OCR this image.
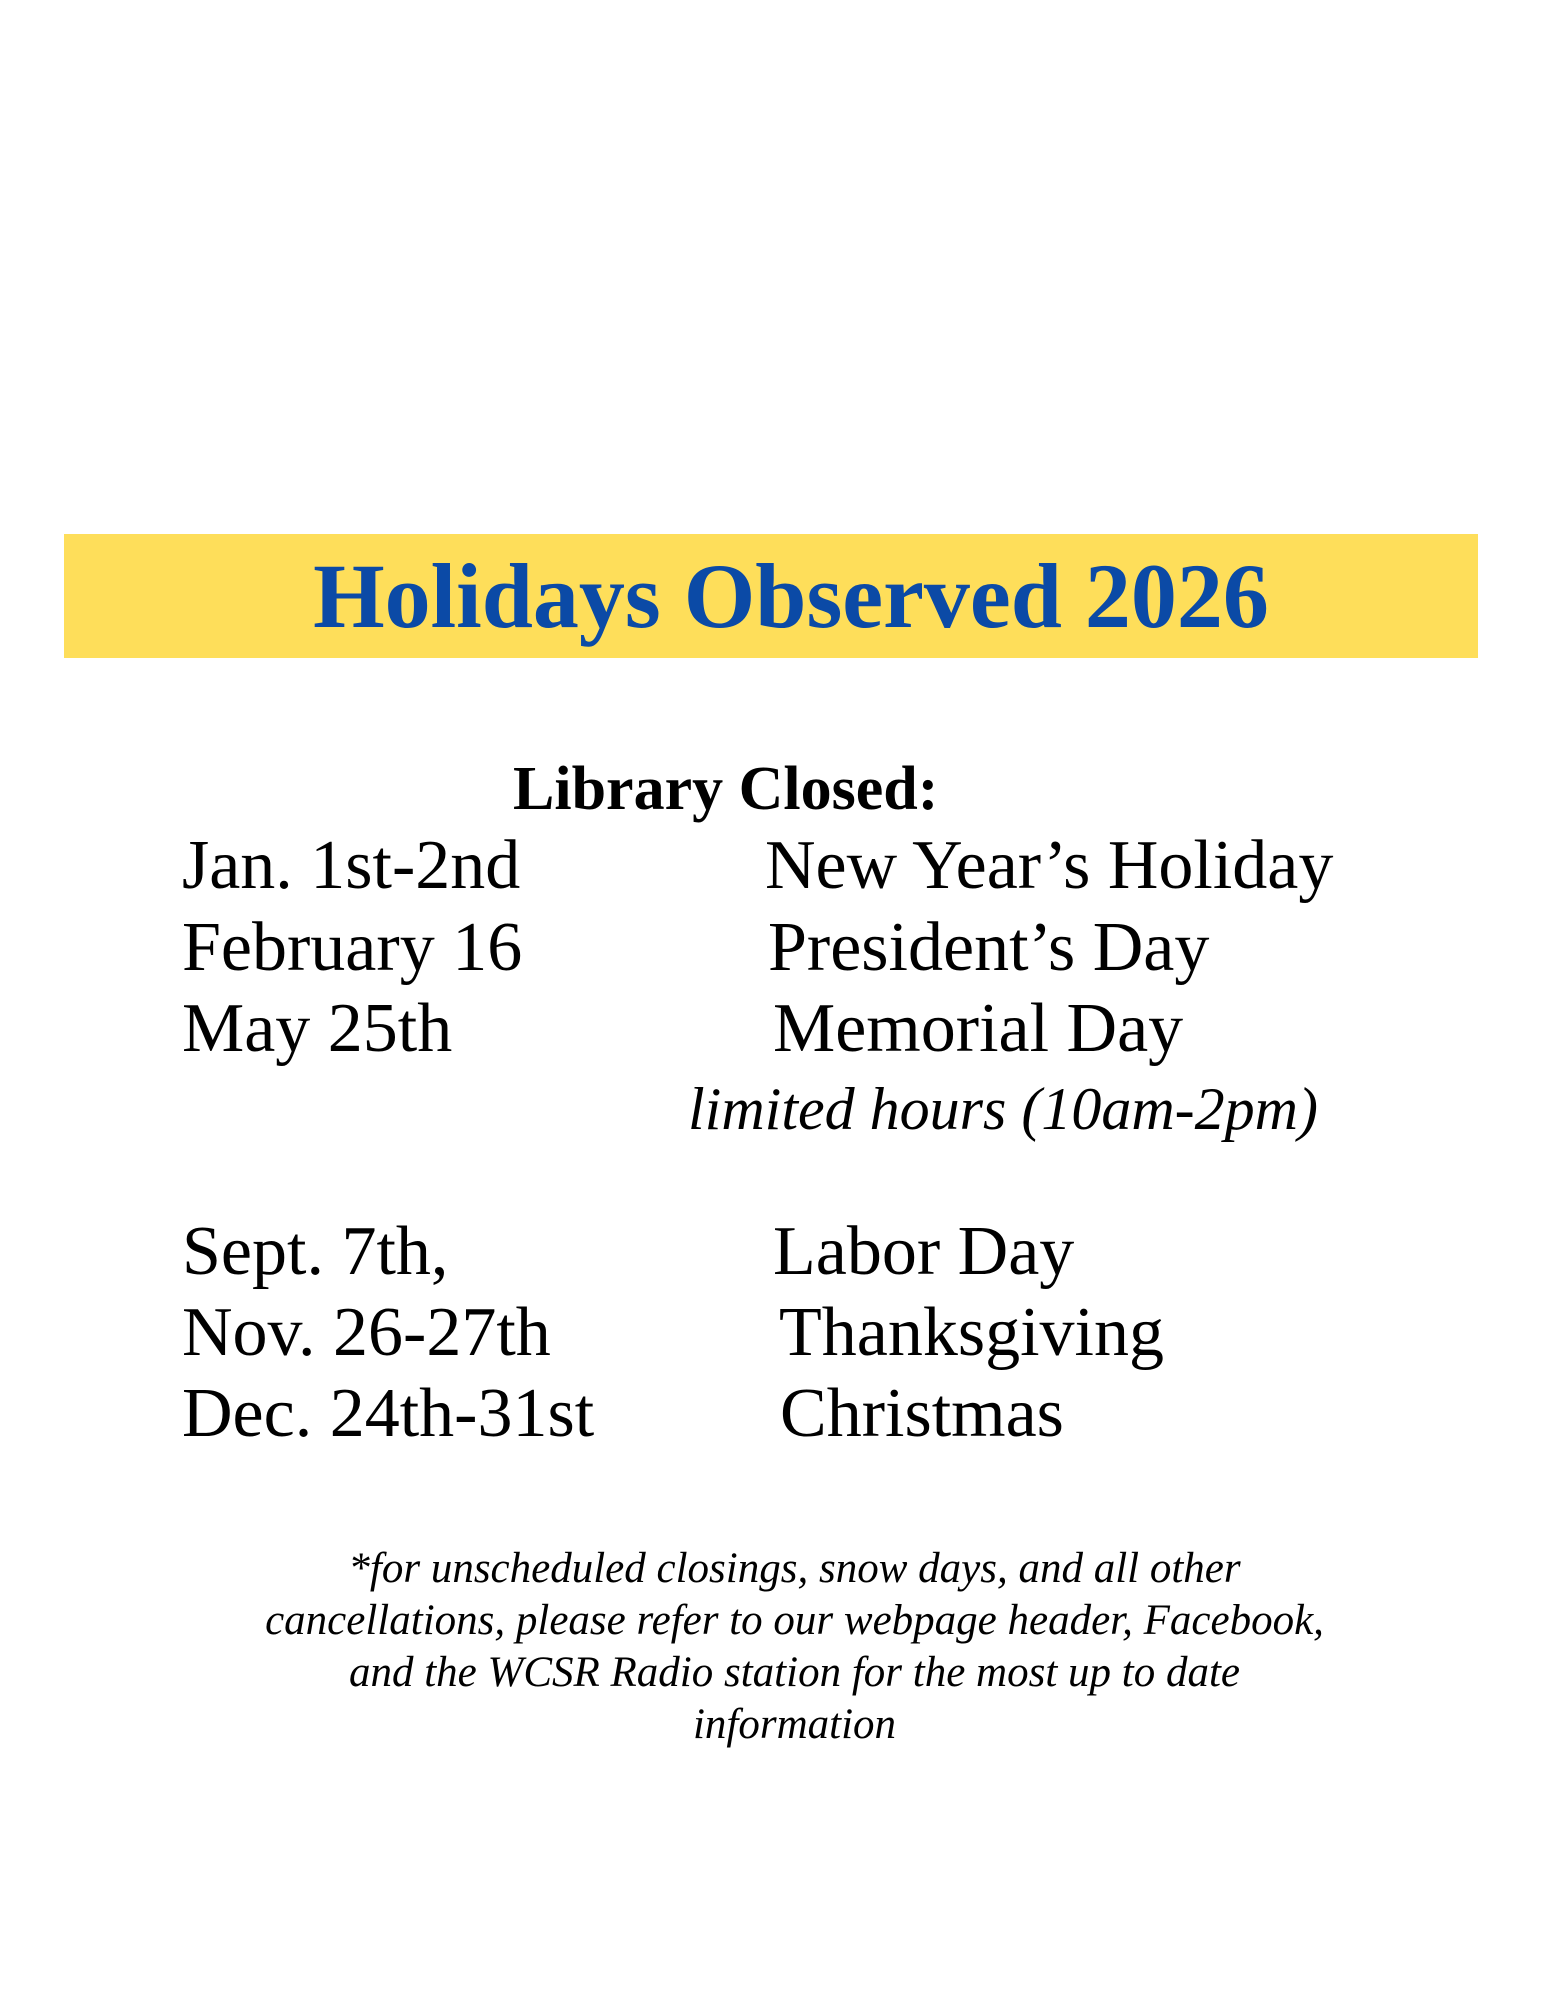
Holidays Observed 2026
Library Closed:
Jan. 1st-2nd	New Year’s Holiday
February 16	President’s Day
May 25th	Memorial Day
limited hours (10am-2pm)
Sept. 7th,	Labor Day
Nov. 26-27th	Thanksgiving
Dec. 24th-31st	Christmas
*for unscheduled closings, snow days, and all other
cancellations, please refer to our webpage header, Facebook,
and the WCSR Radio station for the most up to date
information
